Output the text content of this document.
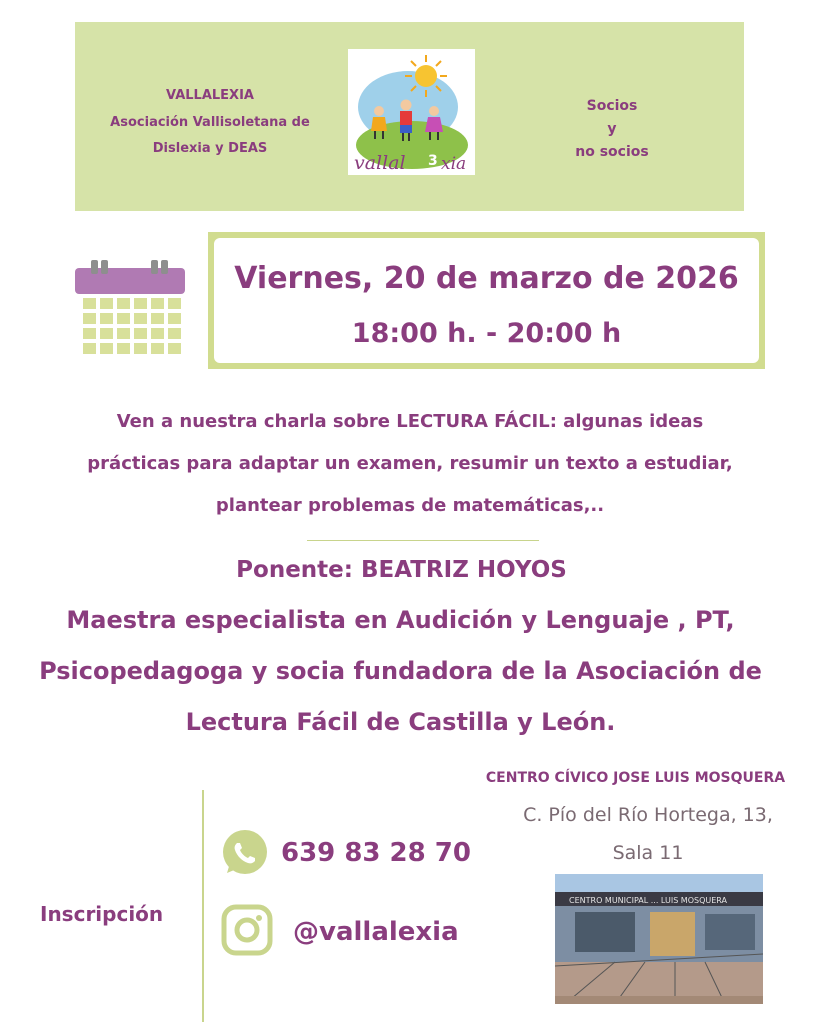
VALLALEXIA
Asociación Vallisoletana de
Dislexia y DEAS
vallal 3 xia
Socios
y
no socios
Viernes, 20 de marzo de 2026
18:00 h. - 20:00 h
Ven a nuestra charla sobre LECTURA FÁCIL: algunas ideas
prácticas para adaptar un examen, resumir un texto a estudiar,
plantear problemas de matemáticas,..
Ponente: BEATRIZ HOYOS
Maestra especialista en Audición y Lenguaje , PT,
Psicopedagoga y socia fundadora de la Asociación de
Lectura Fácil de Castilla y León.
Inscripción
639 83 28 70
@vallalexia
CENTRO CÍVICO JOSE LUIS MOSQUERA
C. Pío del Río Hortega, 13,
Sala 11
CENTRO MUNICIPAL ... LUIS MOSQUERA
